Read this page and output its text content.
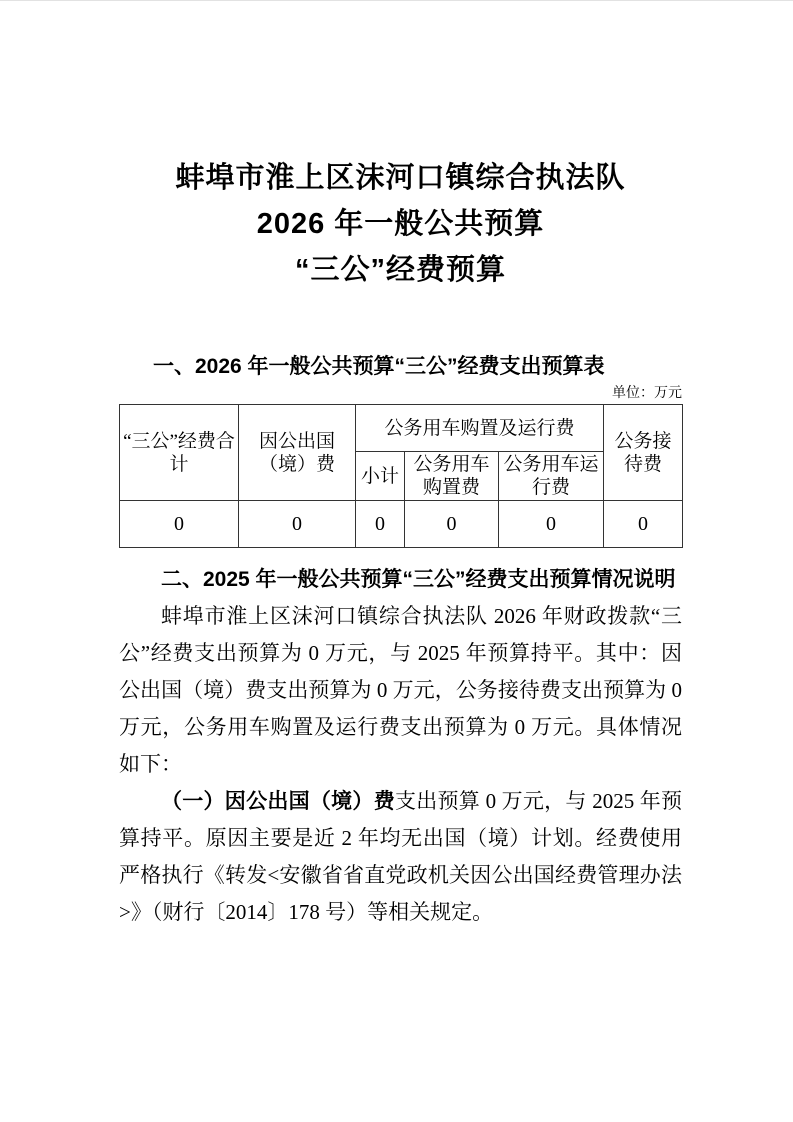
蚌埠市淮上区沫河口镇综合执法队
2026 年一般公共预算
“三公”经费预算
一、2026 年一般公共预算“三公”经费支出预算表
单位：万元
“三公”经费合计	因公出国（境）费	公务用车购置及运行费			公务接待费
		小计	公务用车购置费	公务用车运行费	
0	0	0	0	0	0
二、2025 年一般公共预算“三公”经费支出预算情况说明

蚌埠市淮上区沫河口镇综合执法队 2026 年财政拨款“三公”经费支出预算为 0 万元，与 2025 年预算持平。其中：因公出国（境）费支出预算为 0 万元，公务接待费支出预算为 0 万元，公务用车购置及运行费支出预算为 0 万元。具体情况如下：

（一）因公出国（境）费支出预算 0 万元，与 2025 年预算持平。原因主要是近 2 年均无出国（境）计划。经费使用严格执行《转发<安徽省省直党政机关因公出国经费管理办法>》（财行〔2014〕178 号）等相关规定。
